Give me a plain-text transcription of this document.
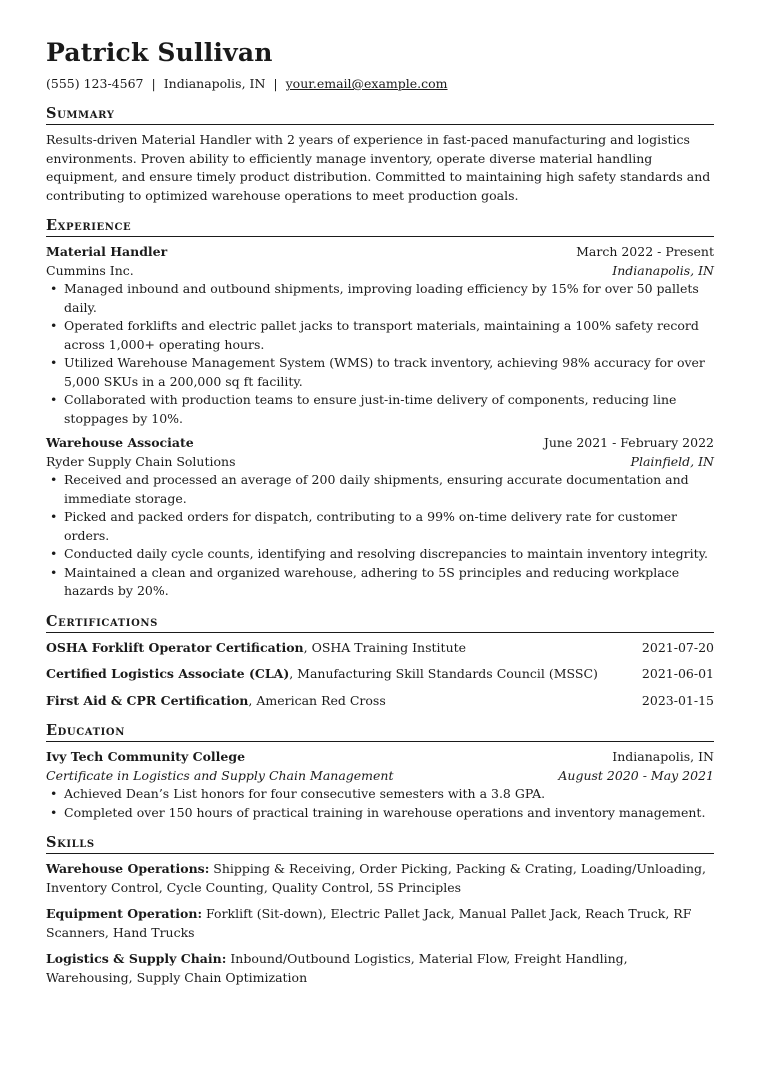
Patrick Sullivan
(555) 123-4567 | Indianapolis, IN | your.email@example.com
Summary

Results-driven Material Handler with 2 years of experience in fast-paced manufacturing and logistics environments. Proven ability to efficiently manage inventory, operate diverse material handling equipment, and ensure timely product distribution. Committed to maintaining high safety standards and contributing to optimized warehouse operations to meet production goals.

Experience
Material Handler	March 2022 - Present
Cummins Inc.	Indianapolis, IN
• Managed inbound and outbound shipments, improving loading efficiency by 15% for over 50 pallets daily.
• Operated forklifts and electric pallet jacks to transport materials, maintaining a 100% safety record across 1,000+ operating hours.
• Utilized Warehouse Management System (WMS) to track inventory, achieving 98% accuracy for over 5,000 SKUs in a 200,000 sq ft facility.
• Collaborated with production teams to ensure just-in-time delivery of components, reducing line stoppages by 10%.
Warehouse Associate	June 2021 - February 2022
Ryder Supply Chain Solutions	Plainfield, IN
• Received and processed an average of 200 daily shipments, ensuring accurate documentation and immediate storage.
• Picked and packed orders for dispatch, contributing to a 99% on-time delivery rate for customer orders.
• Conducted daily cycle counts, identifying and resolving discrepancies to maintain inventory integrity.
• Maintained a clean and organized warehouse, adhering to 5S principles and reducing workplace hazards by 20%.
Certifications
OSHA Forklift Operator Certification, OSHA Training Institute	2021-07-20
Certified Logistics Associate (CLA), Manufacturing Skill Standards Council (MSSC)	2021-06-01
First Aid & CPR Certification, American Red Cross	2023-01-15
Education
Ivy Tech Community College	Indianapolis, IN
Certificate in Logistics and Supply Chain Management	August 2020 - May 2021
• Achieved Dean’s List honors for four consecutive semesters with a 3.8 GPA.
• Completed over 150 hours of practical training in warehouse operations and inventory management.
Skills
Warehouse Operations: Shipping & Receiving, Order Picking, Packing & Crating, Loading/Unloading, Inventory Control, Cycle Counting, Quality Control, 5S Principles
Equipment Operation: Forklift (Sit-down), Electric Pallet Jack, Manual Pallet Jack, Reach Truck, RF Scanners, Hand Trucks
Logistics & Supply Chain: Inbound/Outbound Logistics, Material Flow, Freight Handling, Warehousing, Supply Chain Optimization
